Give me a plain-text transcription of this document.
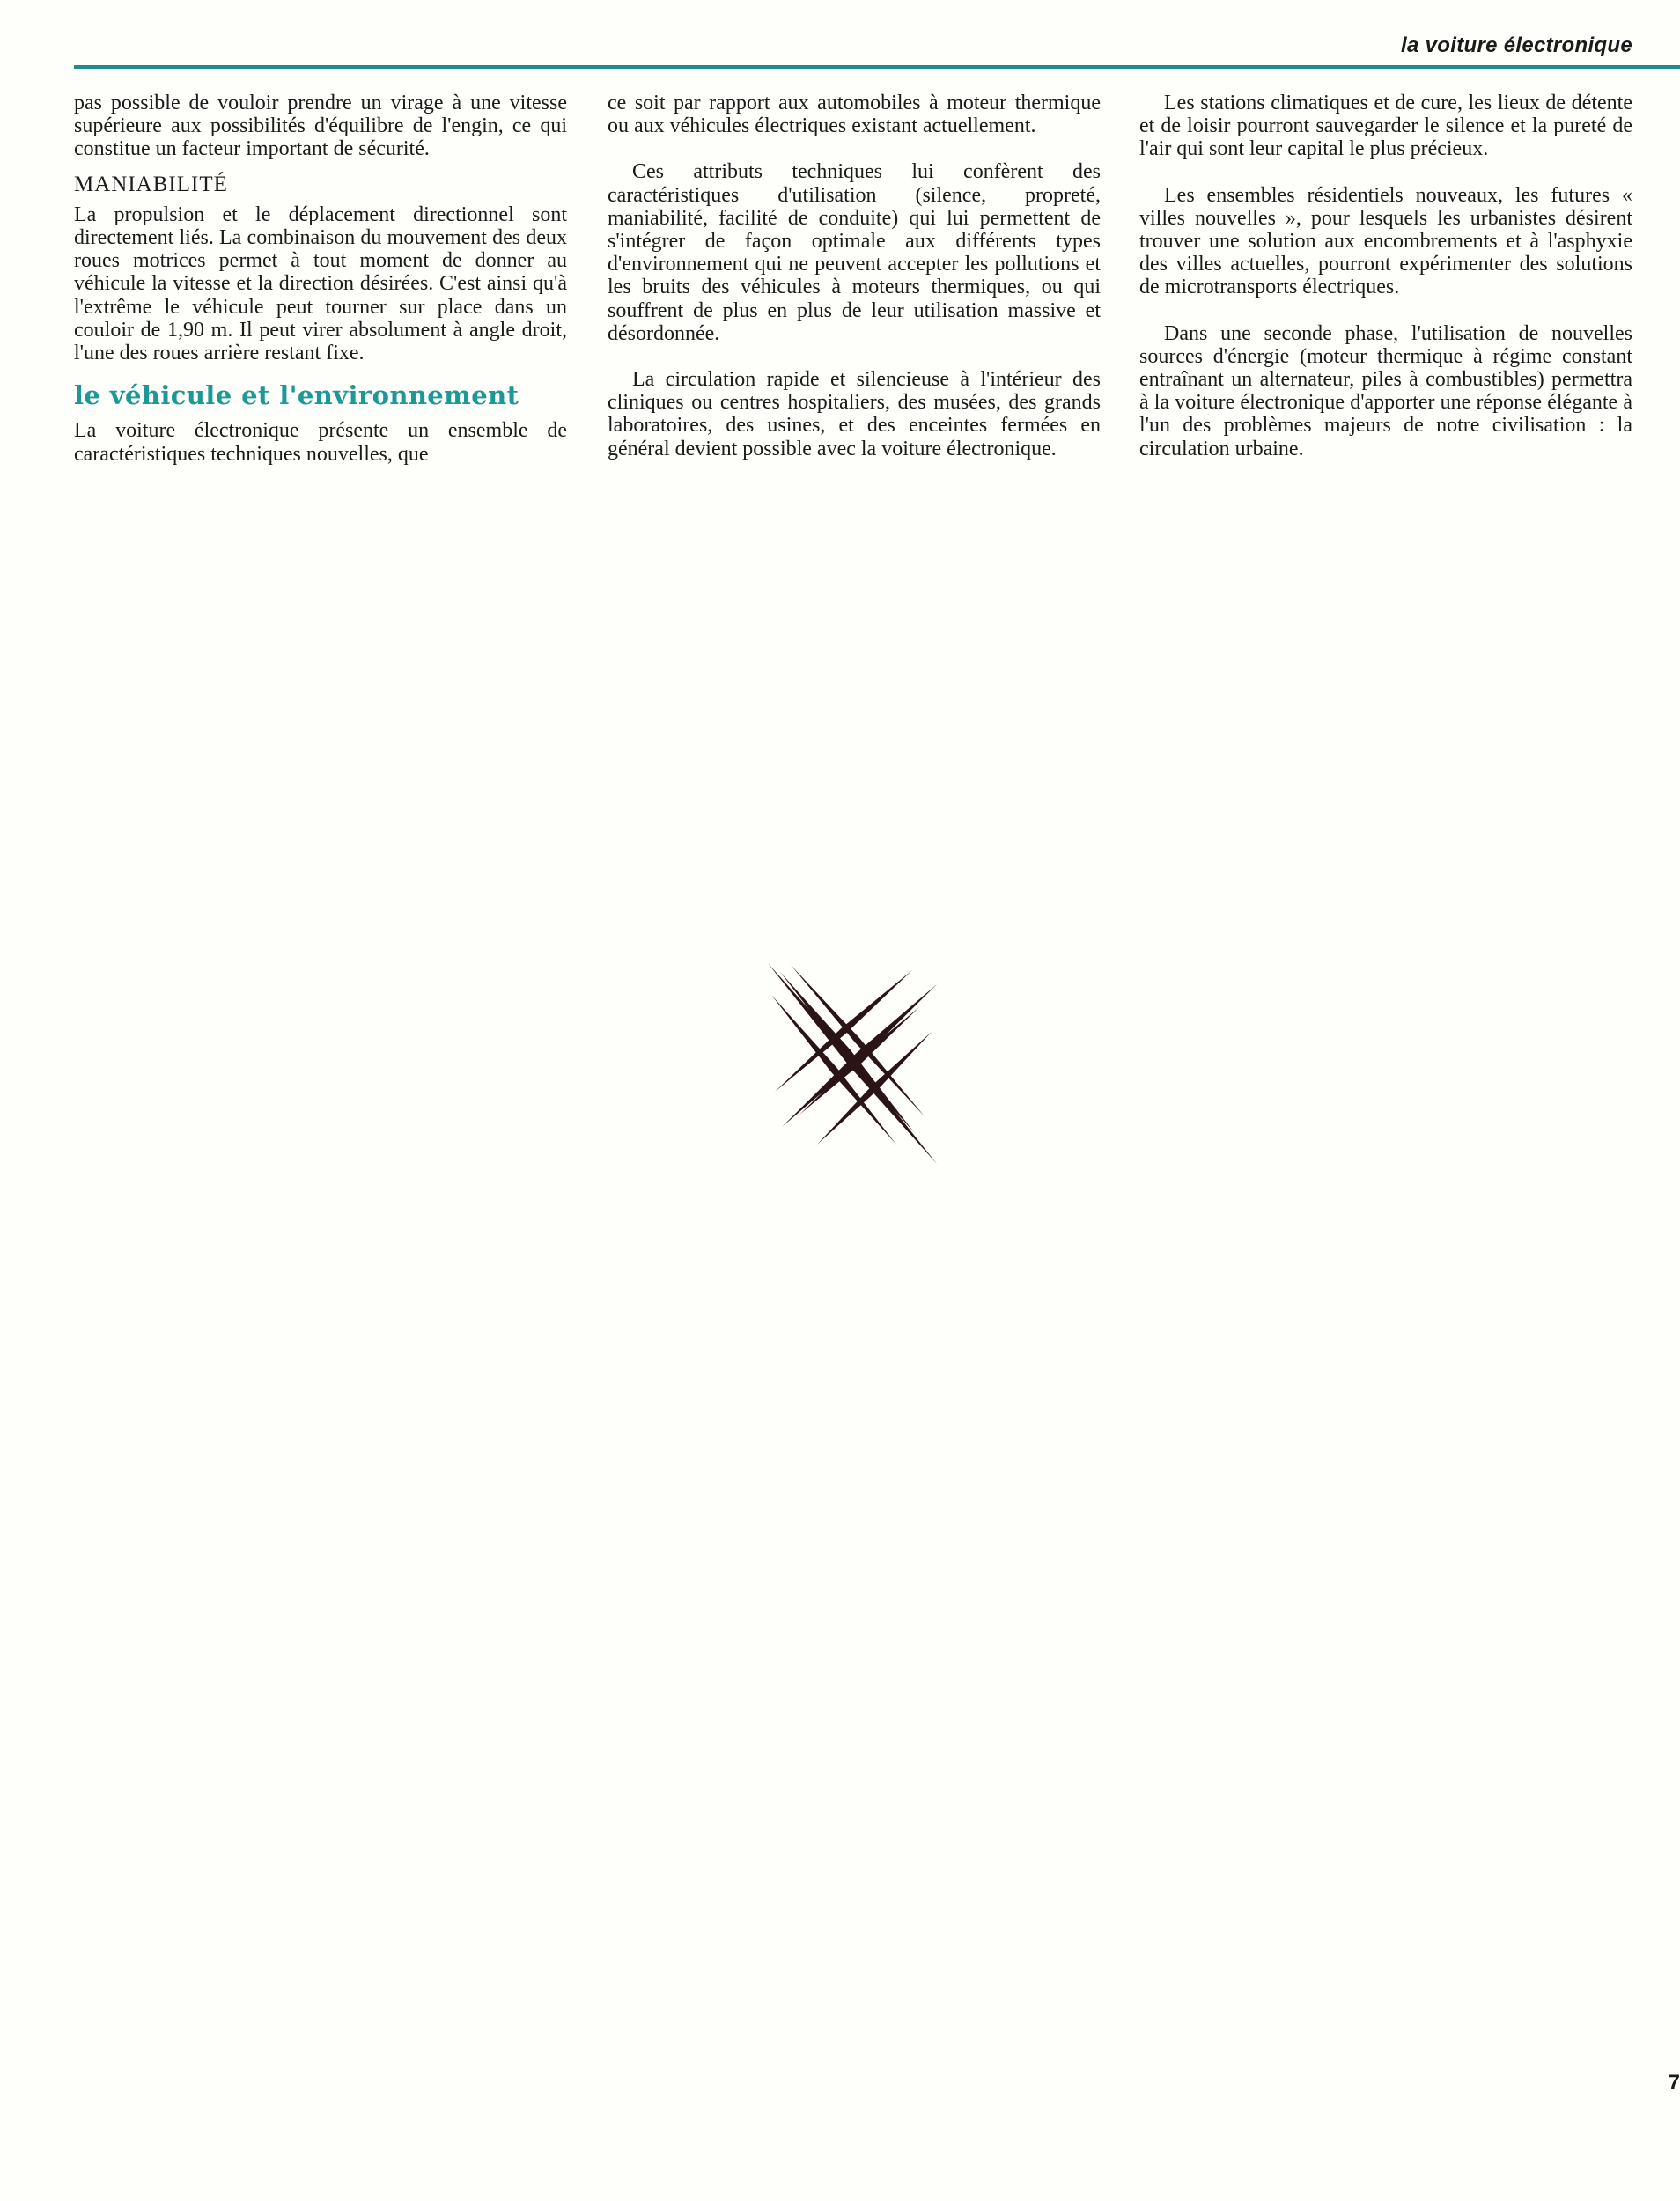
la voiture électronique

pas possible de vouloir prendre un virage à une vitesse supérieure aux possibilités d'équilibre de l'engin, ce qui constitue un facteur important de sécurité.

MANIABILITÉ

La propulsion et le déplacement directionnel sont directement liés. La combinaison du mouvement des deux roues motrices permet à tout moment de donner au véhicule la vitesse et la direction désirées. C'est ainsi qu'à l'extrême le véhicule peut tourner sur place dans un couloir de 1,90 m. Il peut virer absolument à angle droit, l'une des roues arrière restant fixe.

le véhicule et l'environnement

La voiture électronique présente un ensemble de caractéristiques techniques nouvelles, que

ce soit par rapport aux automobiles à moteur thermique ou aux véhicules électriques existant actuellement.

Ces attributs techniques lui confèrent des caractéristiques d'utilisation (silence, propreté, maniabilité, facilité de conduite) qui lui permettent de s'intégrer de façon optimale aux différents types d'environnement qui ne peuvent accepter les pollutions et les bruits des véhicules à moteurs thermiques, ou qui souffrent de plus en plus de leur utilisation massive et désordonnée.

La circulation rapide et silencieuse à l'intérieur des cliniques ou centres hospitaliers, des musées, des grands laboratoires, des usines, et des enceintes fermées en général devient possible avec la voiture électronique.

Les stations climatiques et de cure, les lieux de détente et de loisir pourront sauvegarder le silence et la pureté de l'air qui sont leur capital le plus précieux.

Les ensembles résidentiels nouveaux, les futures « villes nouvelles », pour lesquels les urbanistes désirent trouver une solution aux encombrements et à l'asphyxie des villes actuelles, pourront expérimenter des solutions de microtransports électriques.

Dans une seconde phase, l'utilisation de nouvelles sources d'énergie (moteur thermique à régime constant entraînant un alternateur, piles à combustibles) permettra à la voiture électronique d'apporter une réponse élégante à l'un des problèmes majeurs de notre civilisation : la circulation urbaine.

7
